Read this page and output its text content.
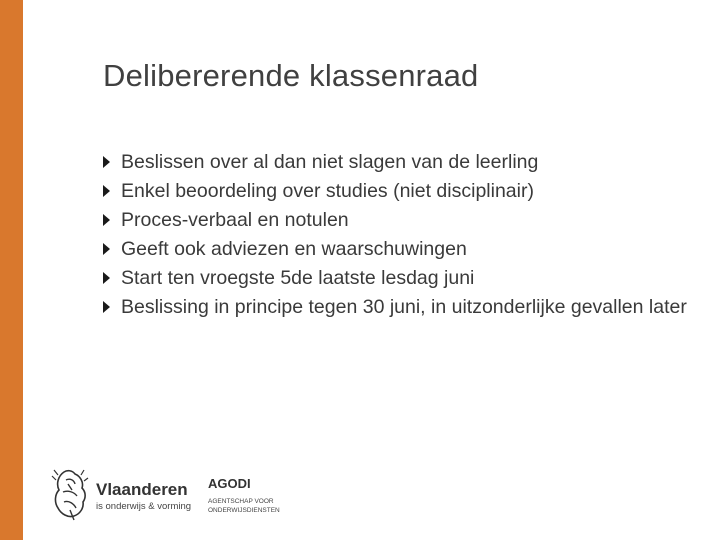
Delibererende klassenraad
Beslissen over al dan niet slagen van de leerling
Enkel beoordeling over studies (niet disciplinair)
Proces-verbaal en notulen
Geeft ook adviezen en waarschuwingen
Start ten vroegste 5de laatste lesdag juni
Beslissing in principe tegen 30 juni, in uitzonderlijke gevallen later
Vlaanderen
is onderwijs & vorming
AGODI
AGENTSCHAP VOOR ONDERWIJSDIENSTEN
